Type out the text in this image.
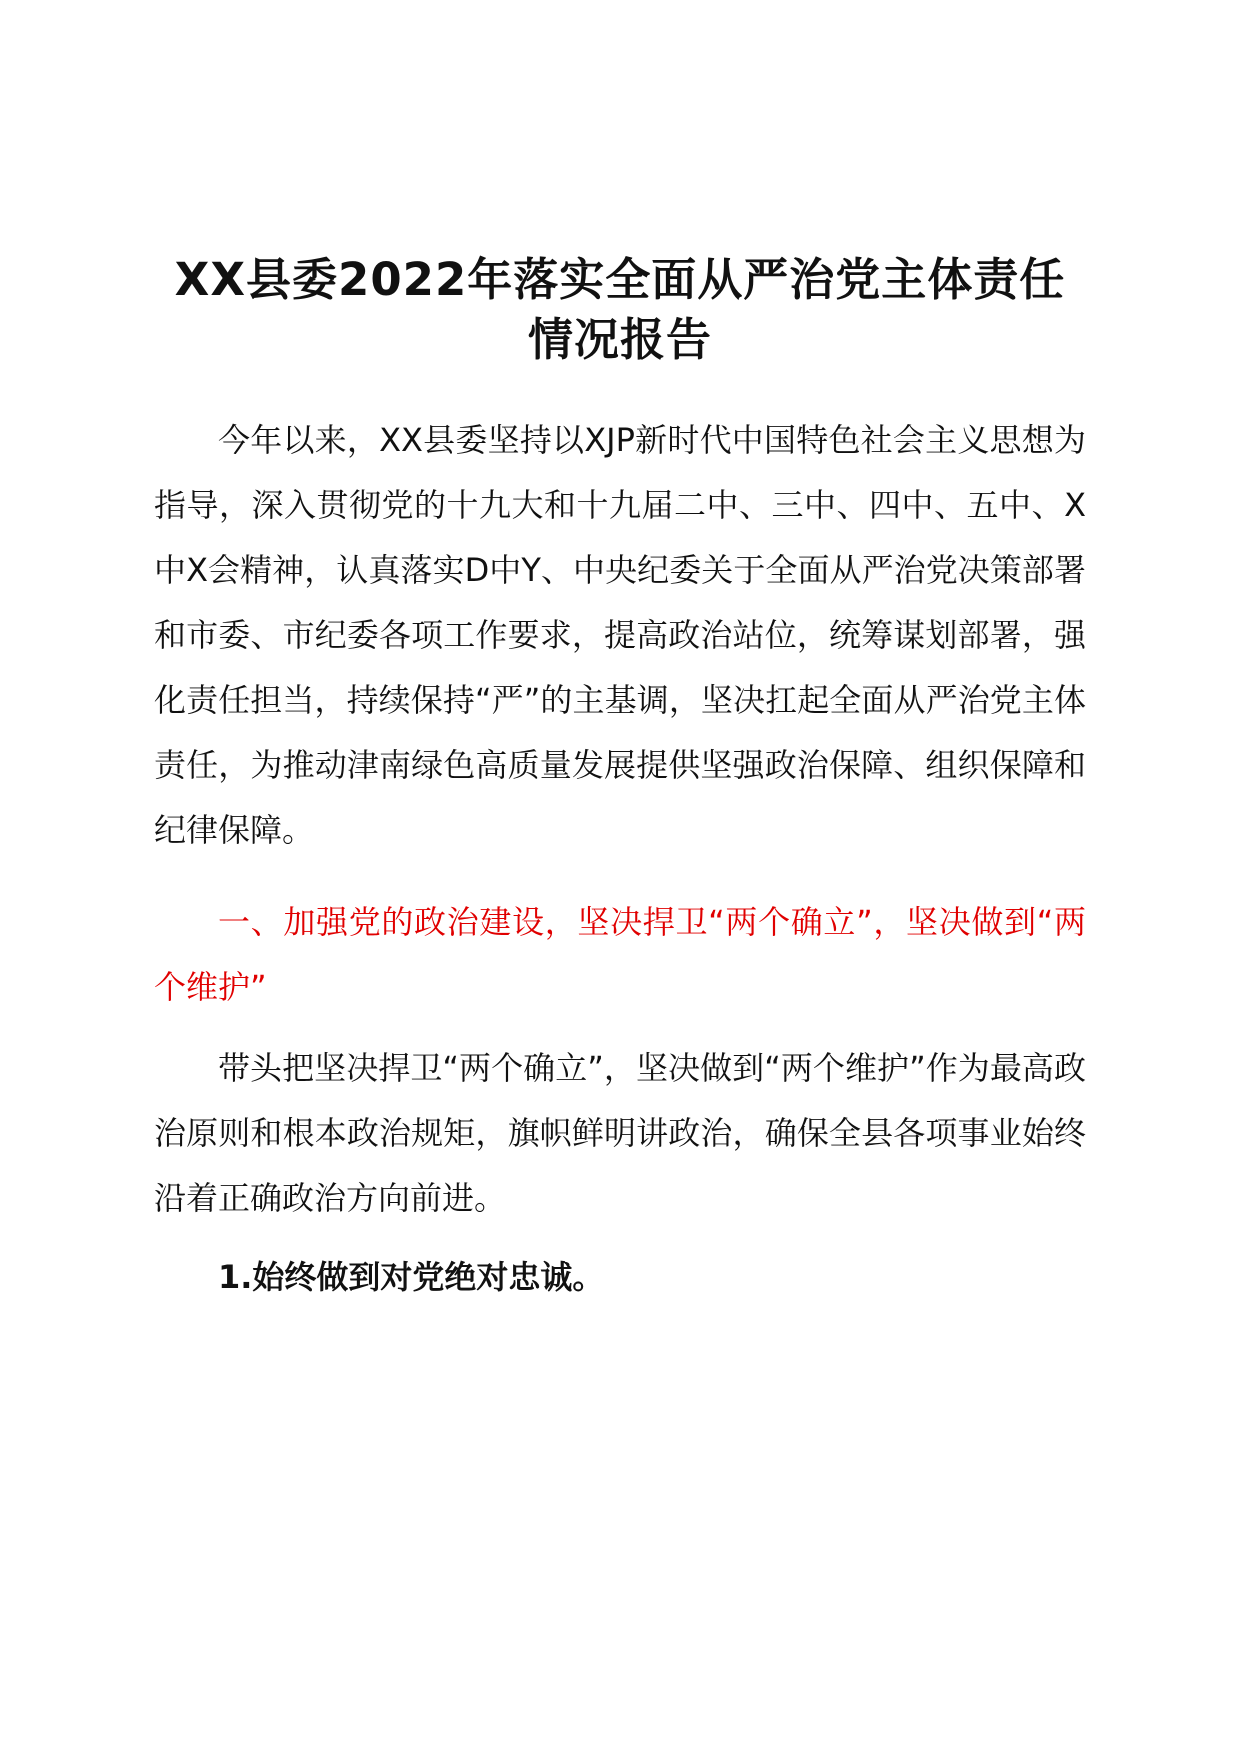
XX县委2022年落实全面从严治党主体责任
情况报告

今年以来，XX县委坚持以XJP新时代中国特色社会主义思想为指导，深入贯彻党的十九大和十九届二中、三中、四中、五中、X中X会精神，认真落实D中Y、中央纪委关于全面从严治党决策部署和市委、市纪委各项工作要求，提高政治站位，统筹谋划部署，强化责任担当，持续保持“严”的主基调，坚决扛起全面从严治党主体责任，为推动津南绿色高质量发展提供坚强政治保障、组织保障和纪律保障。

一、加强党的政治建设，坚决捍卫“两个确立”，坚决做到“两个维护”

带头把坚决捍卫“两个确立”，坚决做到“两个维护”作为最高政治原则和根本政治规矩，旗帜鲜明讲政治，确保全县各项事业始终沿着正确政治方向前进。

1.始终做到对党绝对忠诚。
